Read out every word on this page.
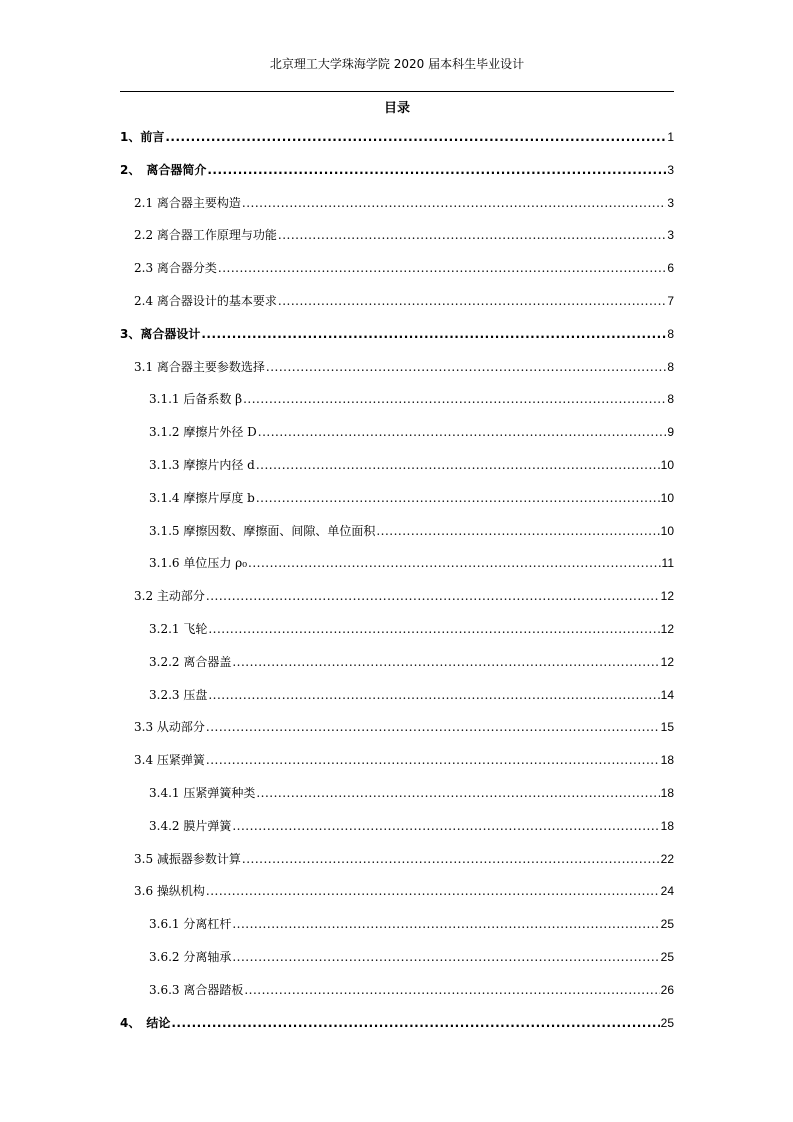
北京理工大学珠海学院 2020 届本科生毕业设计
目录
1、前言 .....	1
2、　离合器简介 .....	3
2.1 离合器主要构造 .....	3
2.2 离合器工作原理与功能 .....	3
2.3 离合器分类 .....	6
2.4 离合器设计的基本要求 .....	7
3、离合器设计 .....	8
3.1 离合器主要参数选择 .....	8
3.1.1 后备系数 β .....	8
3.1.2 摩擦片外径 D .....	9
3.1.3 摩擦片内径 d .....	10
3.1.4 摩擦片厚度 b .....	10
3.1.5 摩擦因数、摩擦面、间隙、单位面积 .....	10
3.1.6 单位压力 ρ₀ .....	11
3.2 主动部分 .....	12
3.2.1 飞轮 .....	12
3.2.2 离合器盖 .....	12
3.2.3 压盘 .....	14
3.3 从动部分 .....	15
3.4 压紧弹簧 .....	18
3.4.1 压紧弹簧种类 .....	18
3.4.2 膜片弹簧 .....	18
3.5 减振器参数计算 .....	22
3.6 操纵机构 .....	24
3.6.1 分离杠杆 .....	25
3.6.2 分离轴承 .....	25
3.6.3 离合器踏板 .....	26
4、　结论 .....	25
